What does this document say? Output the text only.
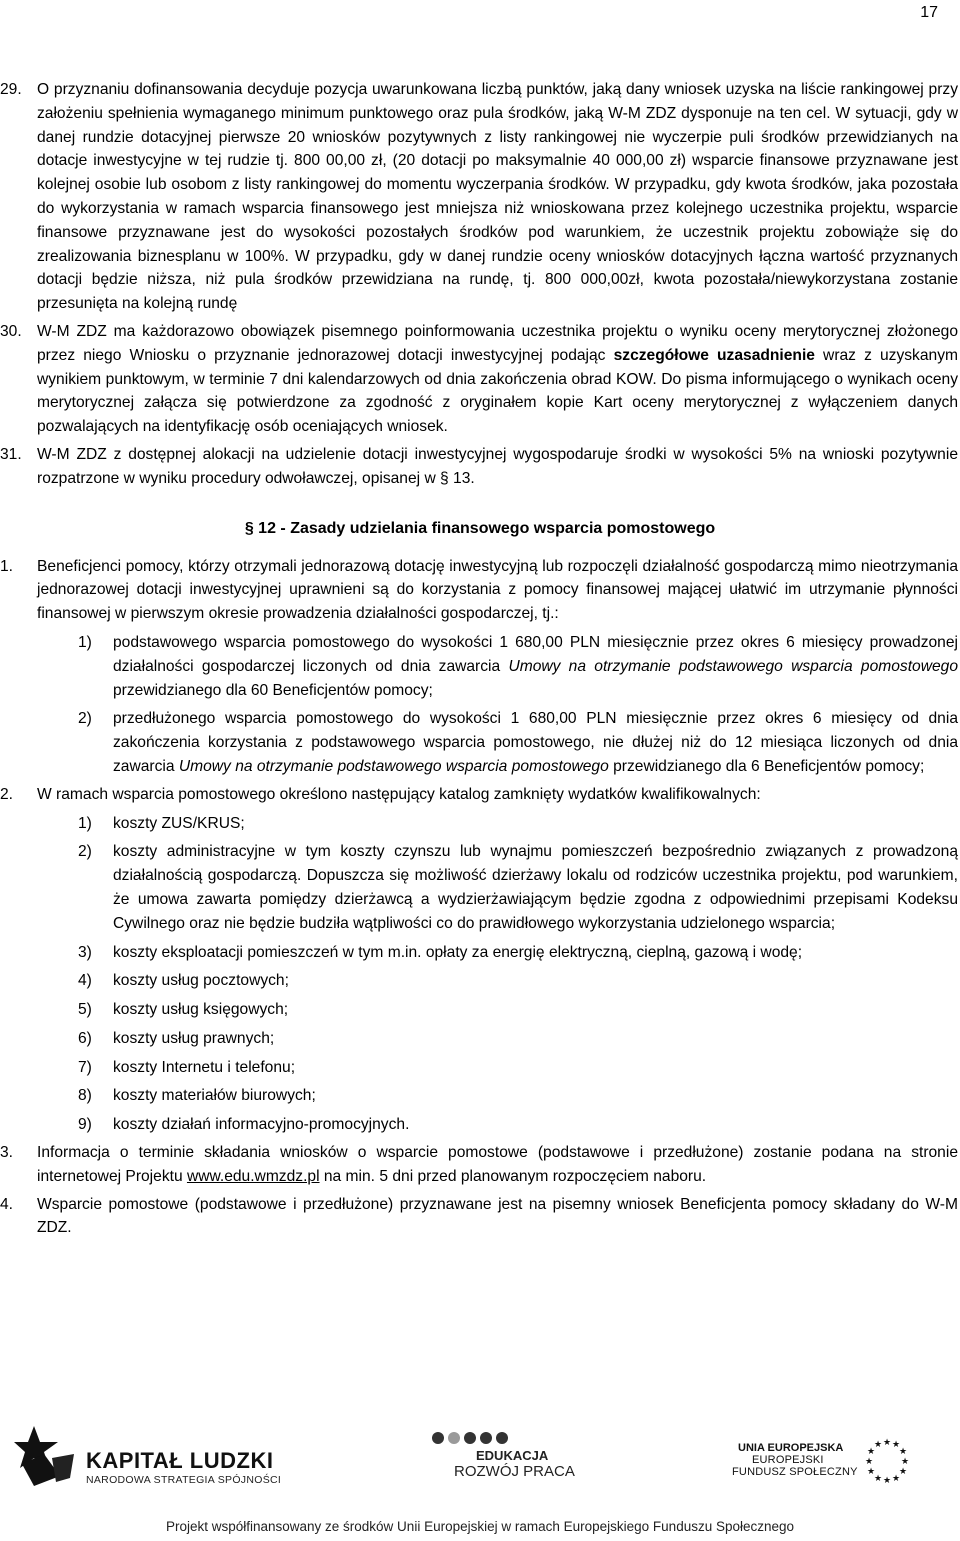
17
29. O przyznaniu dofinansowania decyduje pozycja uwarunkowana liczbą punktów, jaką dany wniosek uzyska na liście rankingowej przy założeniu spełnienia wymaganego minimum punktowego oraz pula środków, jaką W-M ZDZ dysponuje na ten cel. W sytuacji, gdy w danej rundzie dotacyjnej pierwsze 20 wniosków pozytywnych z listy rankingowej nie wyczerpie puli środków przewidzianych na dotacje inwestycyjne w tej rudzie tj. 800 00,00 zł, (20 dotacji po maksymalnie 40 000,00 zł) wsparcie finansowe przyznawane jest kolejnej osobie lub osobom z listy rankingowej do momentu wyczerpania środków. W przypadku, gdy kwota środków, jaka pozostała do wykorzystania w ramach wsparcia finansowego jest mniejsza niż wnioskowana przez kolejnego uczestnika projektu, wsparcie finansowe przyznawane jest do wysokości pozostałych środków pod warunkiem, że uczestnik projektu zobowiąże się do zrealizowania biznesplanu w 100%. W przypadku, gdy w danej rundzie oceny wniosków dotacyjnych łączna wartość przyznanych dotacji będzie niższa, niż pula środków przewidziana na rundę, tj. 800 000,00zł, kwota pozostała/niewykorzystana zostanie przesunięta na kolejną rundę
30. W-M ZDZ ma każdorazowo obowiązek pisemnego poinformowania uczestnika projektu o wyniku oceny merytorycznej złożonego przez niego Wniosku o przyznanie jednorazowej dotacji inwestycyjnej podając szczegółowe uzasadnienie wraz z uzyskanym wynikiem punktowym, w terminie 7 dni kalendarzowych od dnia zakończenia obrad KOW. Do pisma informującego o wynikach oceny merytorycznej załącza się potwierdzone za zgodność z oryginałem kopie Kart oceny merytorycznej z wyłączeniem danych pozwalających na identyfikację osób oceniających wniosek.
31. W-M ZDZ z dostępnej alokacji na udzielenie dotacji inwestycyjnej wygospodaruje środki w wysokości 5% na wnioski pozytywnie rozpatrzone w wyniku procedury odwoławczej, opisanej w § 13.
§ 12 - Zasady udzielania finansowego wsparcia pomostowego
1. Beneficjenci pomocy, którzy otrzymali jednorazową dotację inwestycyjną lub rozpoczęli działalność gospodarczą mimo nieotrzymania jednorazowej dotacji inwestycyjnej uprawnieni są do korzystania z pomocy finansowej mającej ułatwić im utrzymanie płynności finansowej w pierwszym okresie prowadzenia działalności gospodarczej, tj.:
1) podstawowego wsparcia pomostowego do wysokości 1 680,00 PLN miesięcznie przez okres 6 miesięcy prowadzonej działalności gospodarczej liczonych od dnia zawarcia Umowy na otrzymanie podstawowego wsparcia pomostowego przewidzianego dla 60 Beneficjentów pomocy;
2) przedłużonego wsparcia pomostowego do wysokości 1 680,00 PLN miesięcznie przez okres 6 miesięcy od dnia zakończenia korzystania z podstawowego wsparcia pomostowego, nie dłużej niż do 12 miesiąca liczonych od dnia zawarcia Umowy na otrzymanie podstawowego wsparcia pomostowego przewidzianego dla 6 Beneficjentów pomocy;
2. W ramach wsparcia pomostowego określono następujący katalog zamknięty wydatków kwalifikowalnych:
1) koszty ZUS/KRUS;
2) koszty administracyjne w tym koszty czynszu lub wynajmu pomieszczeń bezpośrednio związanych z prowadzoną działalnością gospodarczą. Dopuszcza się możliwość dzierżawy lokalu od rodziców uczestnika projektu, pod warunkiem, że umowa zawarta pomiędzy dzierżawcą a wydzierżawiającym będzie zgodna z odpowiednimi przepisami Kodeksu Cywilnego oraz nie będzie budziła wątpliwości co do prawidłowego wykorzystania udzielonego wsparcia;
3) koszty eksploatacji pomieszczeń w tym m.in. opłaty za energię elektryczną, cieplną, gazową i wodę;
4) koszty usług pocztowych;
5) koszty usług księgowych;
6) koszty usług prawnych;
7) koszty Internetu i telefonu;
8) koszty materiałów biurowych;
9) koszty działań informacyjno-promocyjnych.
3. Informacja o terminie składania wniosków o wsparcie pomostowe (podstawowe i przedłużone) zostanie podana na stronie internetowej Projektu www.edu.wmzdz.pl na min. 5 dni przed planowanym rozpoczęciem naboru.
4. Wsparcie pomostowe (podstawowe i przedłużone) przyznawane jest na pisemny wniosek Beneficjenta pomocy składany do W-M ZDZ.
KAPITAŁ LUDZKI
NARODOWA STRATEGIA SPÓJNOŚCI
EDUKACJA
ROZWÓJ PRACA
UNIA EUROPEJSKA
EUROPEJSKI
FUNDUSZ SPOŁECZNY
★ ★
★
★
★
★
★
★
★
★
★
★
Projekt współfinansowany ze środków Unii Europejskiej w ramach Europejskiego Funduszu Społecznego
